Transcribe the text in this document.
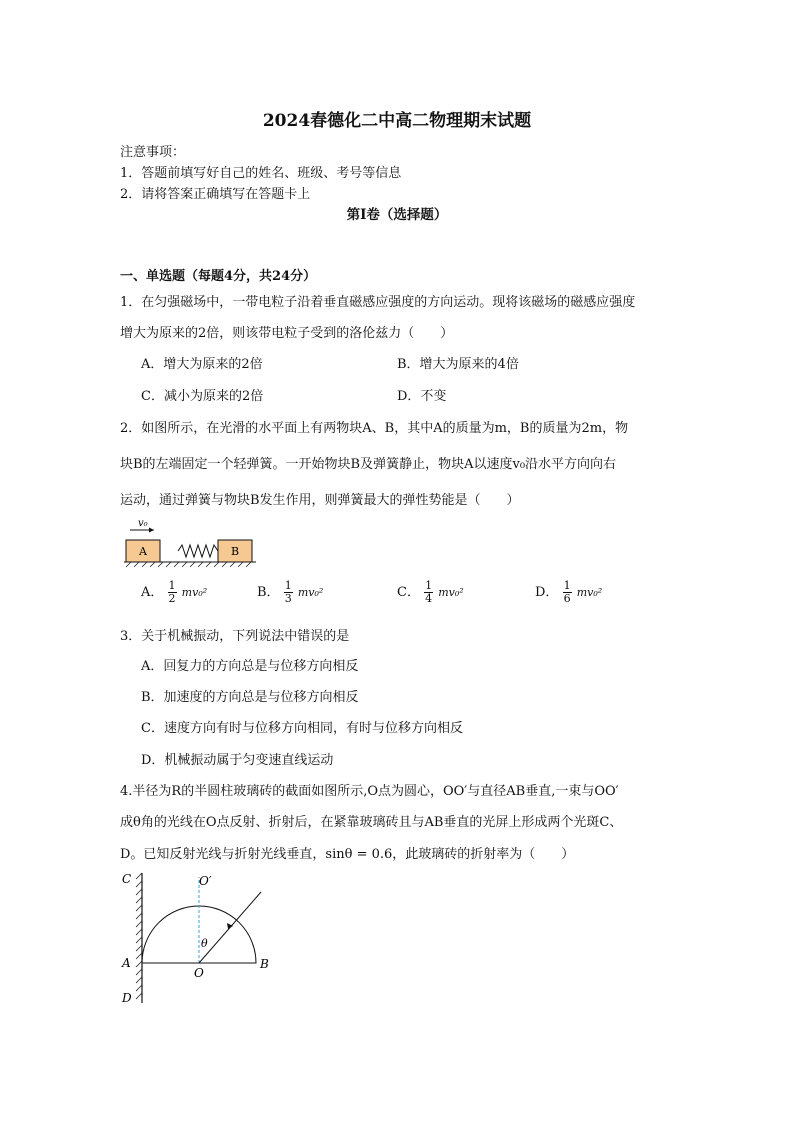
2024春德化二中高二物理期末试题
注意事项：
1．答题前填写好自己的姓名、班级、考号等信息
2．请将答案正确填写在答题卡上
第I卷（选择题）
一、单选题（每题4分，共24分）
1．在匀强磁场中，一带电粒子沿着垂直磁感应强度的方向运动。现将该磁场的磁感应强度
增大为原来的2倍，则该带电粒子受到的洛伦兹力（　　）
A．增大为原来的2倍	B．增大为原来的4倍
C．减小为原来的2倍	D．不变
2．如图所示，在光滑的水平面上有两物块A、B，其中A的质量为m，B的质量为2m，物
块B的左端固定一个轻弹簧。一开始物块B及弹簧静止，物块A以速度v₀沿水平方向向右
运动，通过弹簧与物块B发生作用，则弹簧最大的弹性势能是（　　）
v₀
A	B
A． $\frac{1}{2} mv_0^2$	B． $\frac{1}{3} mv_0^2$	C． $\frac{1}{4} mv_0^2$	D． $\frac{1}{6} mv_0^2$
3．关于机械振动，下列说法中错误的是
A．回复力的方向总是与位移方向相反
B．加速度的方向总是与位移方向相反
C．速度方向有时与位移方向相同，有时与位移方向相反
D．机械振动属于匀变速直线运动
4.半径为R的半圆柱玻璃砖的截面如图所示,O点为圆心，OO′与直径AB垂直,一束与OO′
成θ角的光线在O点反射、折射后，在紧靠玻璃砖且与AB垂直的光屏上形成两个光斑C、
D。已知反射光线与折射光线垂直，sinθ = 0.6，此玻璃砖的折射率为（　　）
C
A
D
O
O′
B
θ
